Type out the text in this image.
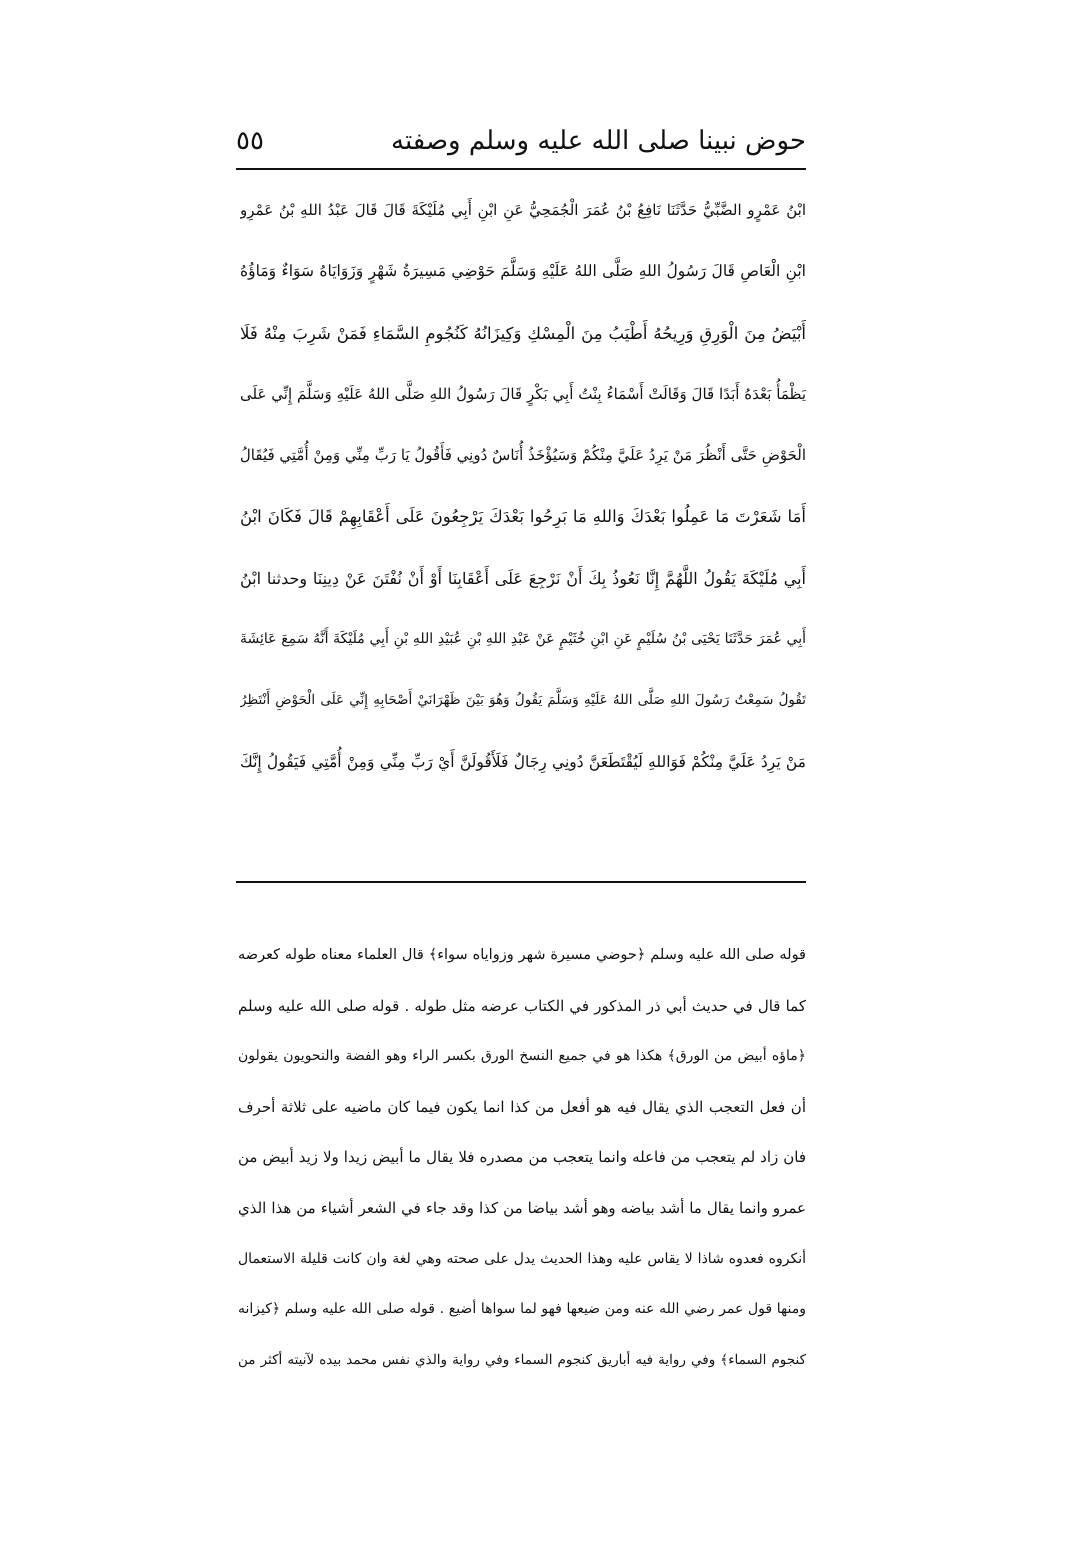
حوض نبينا صلى الله عليه وسلم وصفته
٥٥
ابْنُ عَمْرٍو الضَّبِّيُّ حَدَّثَنَا نَافِعُ بْنُ عُمَرَ الْجُمَحِيُّ عَنِ ابْنِ أَبِي مُلَيْكَةَ قَالَ قَالَ عَبْدُ اللهِ بْنُ عَمْرِو
ابْنِ الْعَاصِ قَالَ رَسُولُ اللهِ صَلَّى اللهُ عَلَيْهِ وَسَلَّمَ حَوْضِي مَسِيرَةُ شَهْرٍ وَزَوَايَاهُ سَوَاءٌ وَمَاؤُهُ
أَبْيَضُ مِنَ الْوَرِقِ وَرِيحُهُ أَطْيَبُ مِنَ الْمِسْكِ وَكِيزَانُهُ كَنُجُومِ السَّمَاءِ فَمَنْ شَرِبَ مِنْهُ فَلَا
يَظْمَأُ بَعْدَهُ أَبَدًا قَالَ وَقَالَتْ أَسْمَاءُ بِنْتُ أَبِي بَكْرٍ قَالَ رَسُولُ اللهِ صَلَّى اللهُ عَلَيْهِ وَسَلَّمَ إِنِّي عَلَى
الْحَوْضِ حَتَّى أَنْظُرَ مَنْ يَرِدُ عَلَيَّ مِنْكُمْ وَسَيُؤْخَذُ أُنَاسٌ دُونِي فَأَقُولُ يَا رَبِّ مِنِّي وَمِنْ أُمَّتِي فَيُقَالُ
أَمَا شَعَرْتَ مَا عَمِلُوا بَعْدَكَ وَاللهِ مَا بَرِحُوا بَعْدَكَ يَرْجِعُونَ عَلَى أَعْقَابِهِمْ قَالَ فَكَانَ ابْنُ
أَبِي مُلَيْكَةَ يَقُولُ اللَّهُمَّ إِنَّا نَعُوذُ بِكَ أَنْ نَرْجِعَ عَلَى أَعْقَابِنَا أَوْ أَنْ نُفْتَنَ عَنْ دِينِنَا وحدثنا ابْنُ
أَبِي عُمَرَ حَدَّثَنَا يَحْيَى بْنُ سُلَيْمٍ عَنِ ابْنِ خُثَيْمٍ عَنْ عَبْدِ اللهِ بْنِ عُبَيْدِ اللهِ بْنِ أَبِي مُلَيْكَةَ أَنَّهُ سَمِعَ عَائِشَةَ
تَقُولُ سَمِعْتُ رَسُولَ اللهِ صَلَّى اللهُ عَلَيْهِ وَسَلَّمَ يَقُولُ وَهُوَ بَيْنَ ظَهْرَانَيْ أَصْحَابِهِ إِنِّي عَلَى الْحَوْضِ أَنْتَظِرُ
مَنْ يَرِدُ عَلَيَّ مِنْكُمْ فَوَاللهِ لَيُقْتَطَعَنَّ دُونِي رِجَالٌ فَلَأَقُولَنَّ أَيْ رَبِّ مِنِّي وَمِنْ أُمَّتِي فَيَقُولُ إِنَّكَ
قوله صلى الله عليه وسلم ﴿حوضي مسيرة شهر وزواياه سواء﴾ قال العلماء معناه طوله كعرضه
كما قال في حديث أبي ذر المذكور في الكتاب عرضه مثل طوله . قوله صلى الله عليه وسلم
﴿ماؤه أبيض من الورق﴾ هكذا هو في جميع النسخ الورق بكسر الراء وهو الفضة والنحويون يقولون
أن فعل التعجب الذي يقال فيه هو أفعل من كذا انما يكون فيما كان ماضيه على ثلاثة أحرف
فان زاد لم يتعجب من فاعله وانما يتعجب من مصدره فلا يقال ما أبيض زيدا ولا زيد أبيض من
عمرو وانما يقال ما أشد بياضه وهو أشد بياضا من كذا وقد جاء في الشعر أشياء من هذا الذي
أنكروه فعدوه شاذا لا يقاس عليه وهذا الحديث يدل على صحته وهي لغة وان كانت قليلة الاستعمال
ومنها قول عمر رضي الله عنه ومن ضيعها فهو لما سواها أضيع . قوله صلى الله عليه وسلم ﴿كيزانه
كنجوم السماء﴾ وفي رواية فيه أباريق كنجوم السماء وفي رواية والذي نفس محمد بيده لآنيته أكثر من
